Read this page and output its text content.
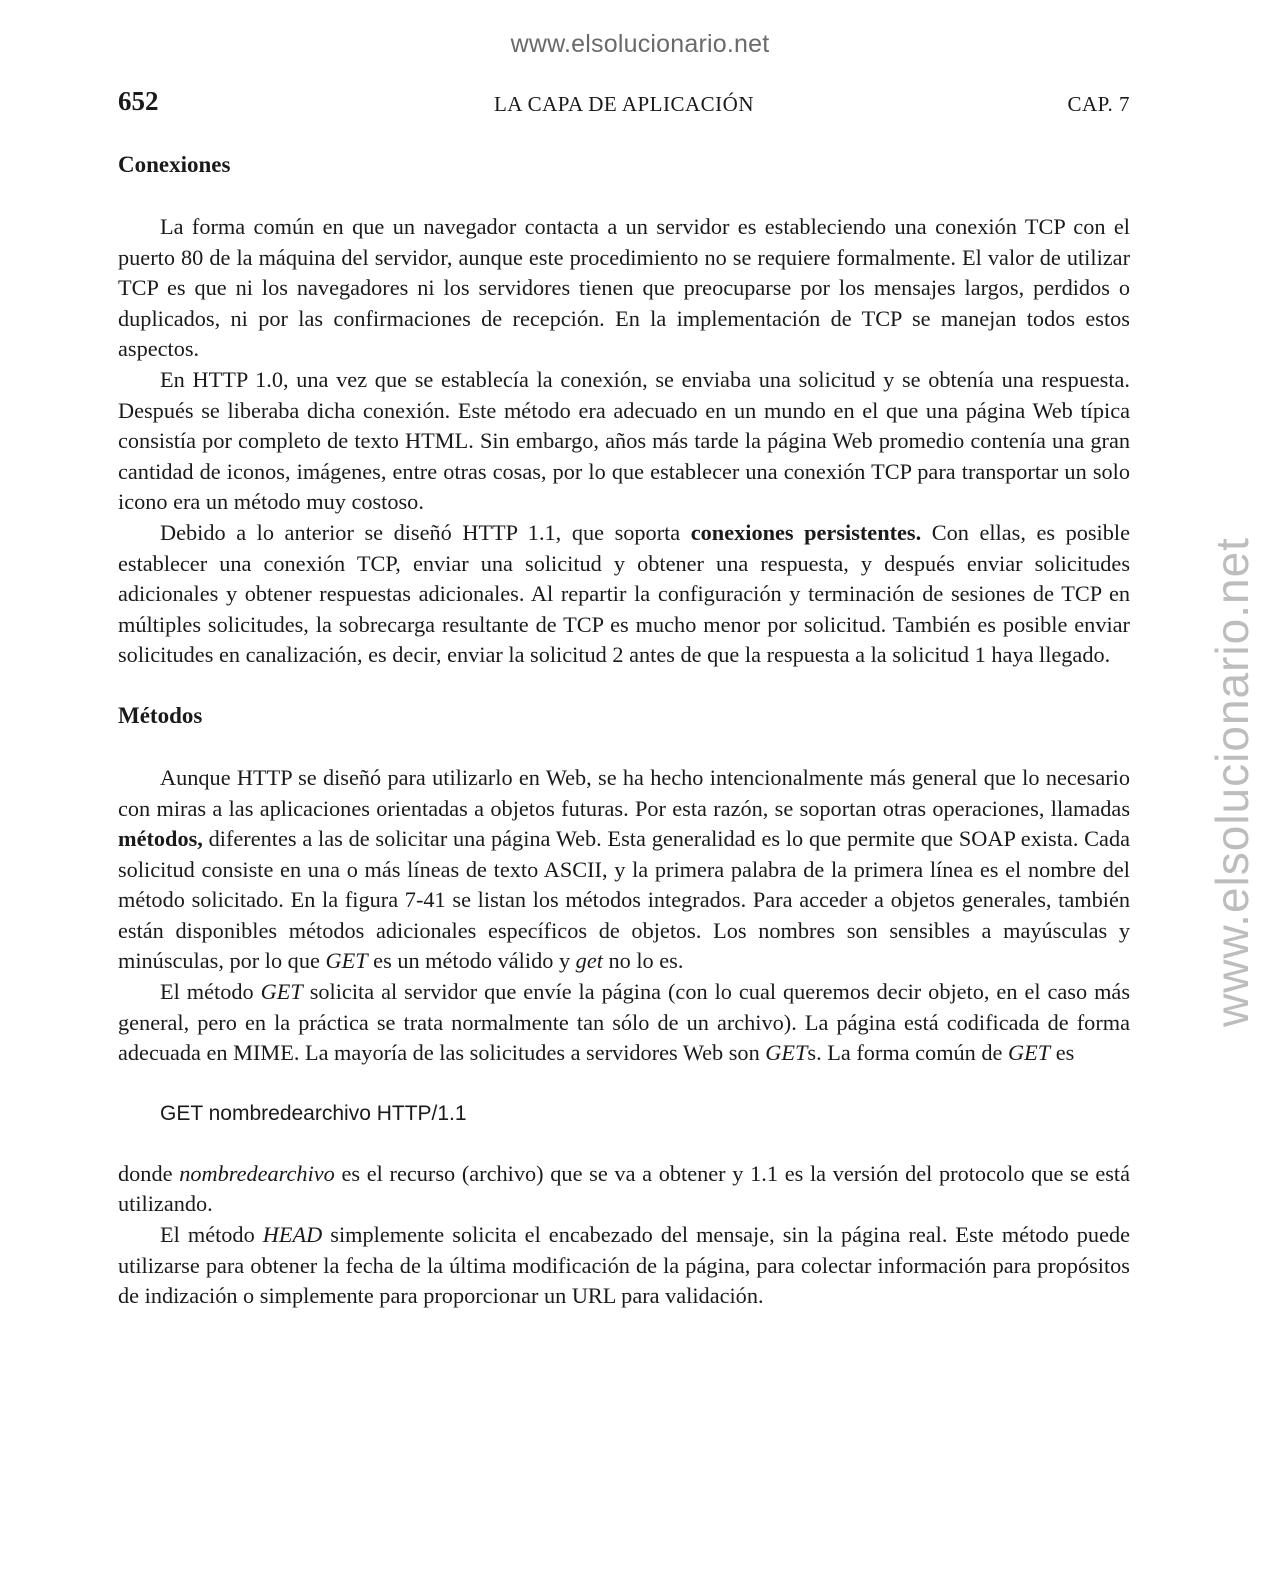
www.elsolucionario.net
www.elsolucionario.net
652	LA CAPA DE APLICACIÓN	CAP. 7
Conexiones

La forma común en que un navegador contacta a un servidor es estableciendo una conexión TCP con el puerto 80 de la máquina del servidor, aunque este procedimiento no se requiere formalmente. El valor de utilizar TCP es que ni los navegadores ni los servidores tienen que preocuparse por los mensajes largos, perdidos o duplicados, ni por las confirmaciones de recepción. En la implementación de TCP se manejan todos estos aspectos.

En HTTP 1.0, una vez que se establecía la conexión, se enviaba una solicitud y se obtenía una respuesta. Después se liberaba dicha conexión. Este método era adecuado en un mundo en el que una página Web típica consistía por completo de texto HTML. Sin embargo, años más tarde la página Web promedio contenía una gran cantidad de iconos, imágenes, entre otras cosas, por lo que establecer una conexión TCP para transportar un solo icono era un método muy costoso.

Debido a lo anterior se diseñó HTTP 1.1, que soporta conexiones persistentes. Con ellas, es posible establecer una conexión TCP, enviar una solicitud y obtener una respuesta, y después enviar solicitudes adicionales y obtener respuestas adicionales. Al repartir la configuración y terminación de sesiones de TCP en múltiples solicitudes, la sobrecarga resultante de TCP es mucho menor por solicitud. También es posible enviar solicitudes en canalización, es decir, enviar la solicitud 2 antes de que la respuesta a la solicitud 1 haya llegado.

Métodos

Aunque HTTP se diseñó para utilizarlo en Web, se ha hecho intencionalmente más general que lo necesario con miras a las aplicaciones orientadas a objetos futuras. Por esta razón, se soportan otras operaciones, llamadas métodos, diferentes a las de solicitar una página Web. Esta generalidad es lo que permite que SOAP exista. Cada solicitud consiste en una o más líneas de texto ASCII, y la primera palabra de la primera línea es el nombre del método solicitado. En la figura 7-41 se listan los métodos integrados. Para acceder a objetos generales, también están disponibles métodos adicionales específicos de objetos. Los nombres son sensibles a mayúsculas y minúsculas, por lo que GET es un método válido y get no lo es.

El método GET solicita al servidor que envíe la página (con lo cual queremos decir objeto, en el caso más general, pero en la práctica se trata normalmente tan sólo de un archivo). La página está codificada de forma adecuada en MIME. La mayoría de las solicitudes a servidores Web son GETs. La forma común de GET es

GET nombredearchivo HTTP/1.1

donde nombredearchivo es el recurso (archivo) que se va a obtener y 1.1 es la versión del protocolo que se está utilizando.

El método HEAD simplemente solicita el encabezado del mensaje, sin la página real. Este método puede utilizarse para obtener la fecha de la última modificación de la página, para colectar información para propósitos de indización o simplemente para proporcionar un URL para validación.
